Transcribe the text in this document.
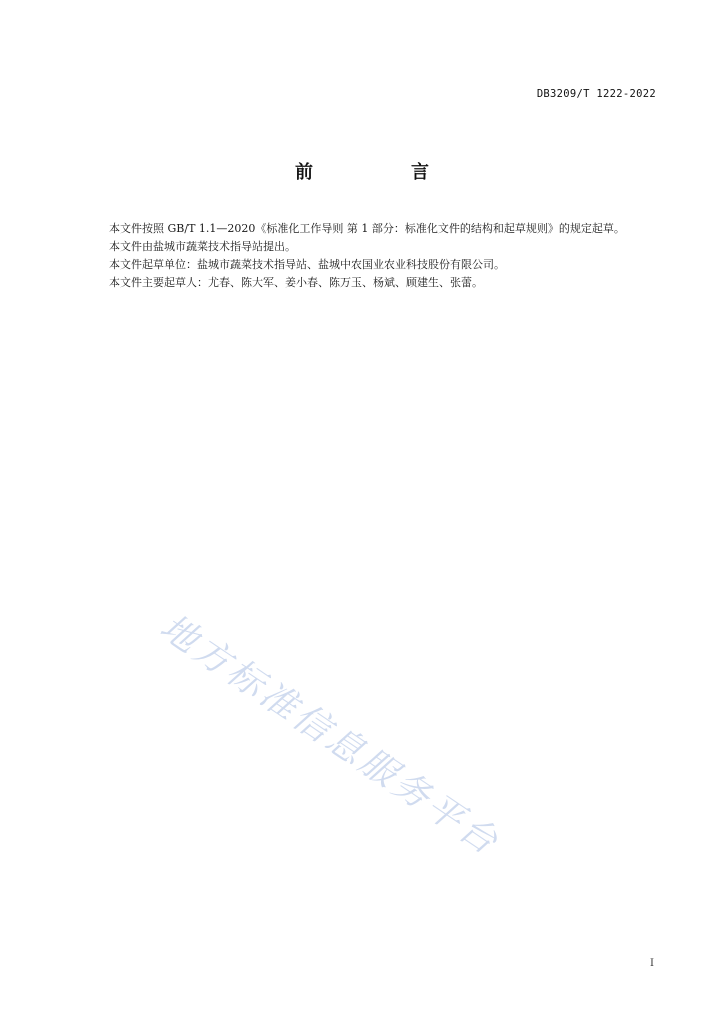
DB3209/T 1222-2022
前　言

本文件按照 GB/T 1.1—2020《标准化工作导则 第 1 部分：标准化文件的结构和起草规则》的规定起草。

本文件由盐城市蔬菜技术指导站提出。

本文件起草单位：盐城市蔬菜技术指导站、盐城中农国业农业科技股份有限公司。

本文件主要起草人：尤春、陈大军、姜小春、陈万玉、杨斌、顾建生、张蕾。

地方标准信息服务平台
I
